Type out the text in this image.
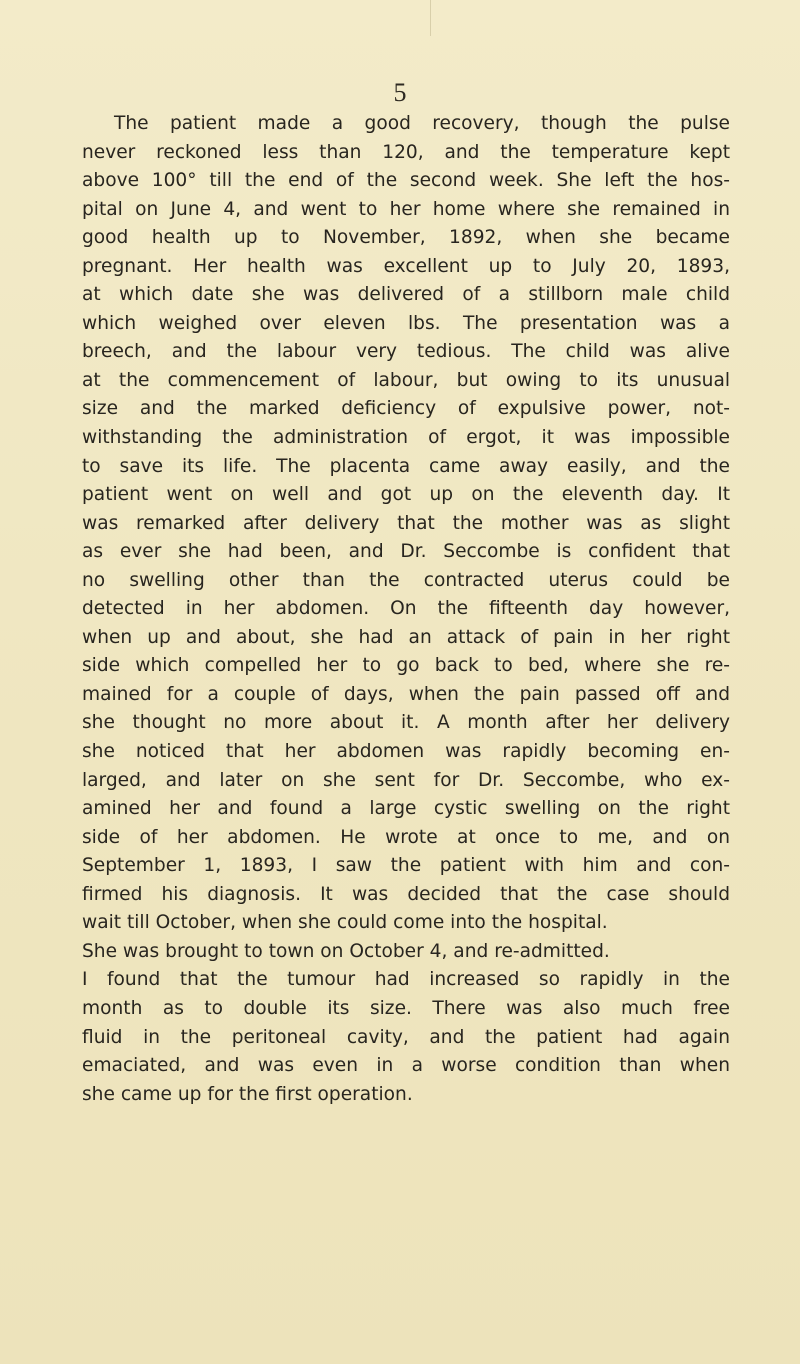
5

The patient made a good recovery, though the pulse
never reckoned less than 120, and the temperature kept
above 100° till the end of the second week. She left the hos-
pital on June 4, and went to her home where she remained in
good health up to November, 1892, when she became
pregnant. Her health was excellent up to July 20, 1893,
at which date she was delivered of a stillborn male child
which weighed over eleven lbs. The presentation was a
breech, and the labour very tedious. The child was alive
at the commencement of labour, but owing to its unusual
size and the marked deficiency of expulsive power, not-
withstanding the administration of ergot, it was impossible
to save its life. The placenta came away easily, and the
patient went on well and got up on the eleventh day. It
was remarked after delivery that the mother was as slight
as ever she had been, and Dr. Seccombe is confident that
no swelling other than the contracted uterus could be
detected in her abdomen. On the fifteenth day however,
when up and about, she had an attack of pain in her right
side which compelled her to go back to bed, where she re-
mained for a couple of days, when the pain passed off and
she thought no more about it. A month after her delivery
she noticed that her abdomen was rapidly becoming en-
larged, and later on she sent for Dr. Seccombe, who ex-
amined her and found a large cystic swelling on the right
side of her abdomen. He wrote at once to me, and on
September 1, 1893, I saw the patient with him and con-
firmed his diagnosis. It was decided that the case should
wait till October, when she could come into the hospital.
She was brought to town on October 4, and re-admitted.
I found that the tumour had increased so rapidly in the
month as to double its size. There was also much free
fluid in the peritoneal cavity, and the patient had again
emaciated, and was even in a worse condition than when
she came up for the first operation.
